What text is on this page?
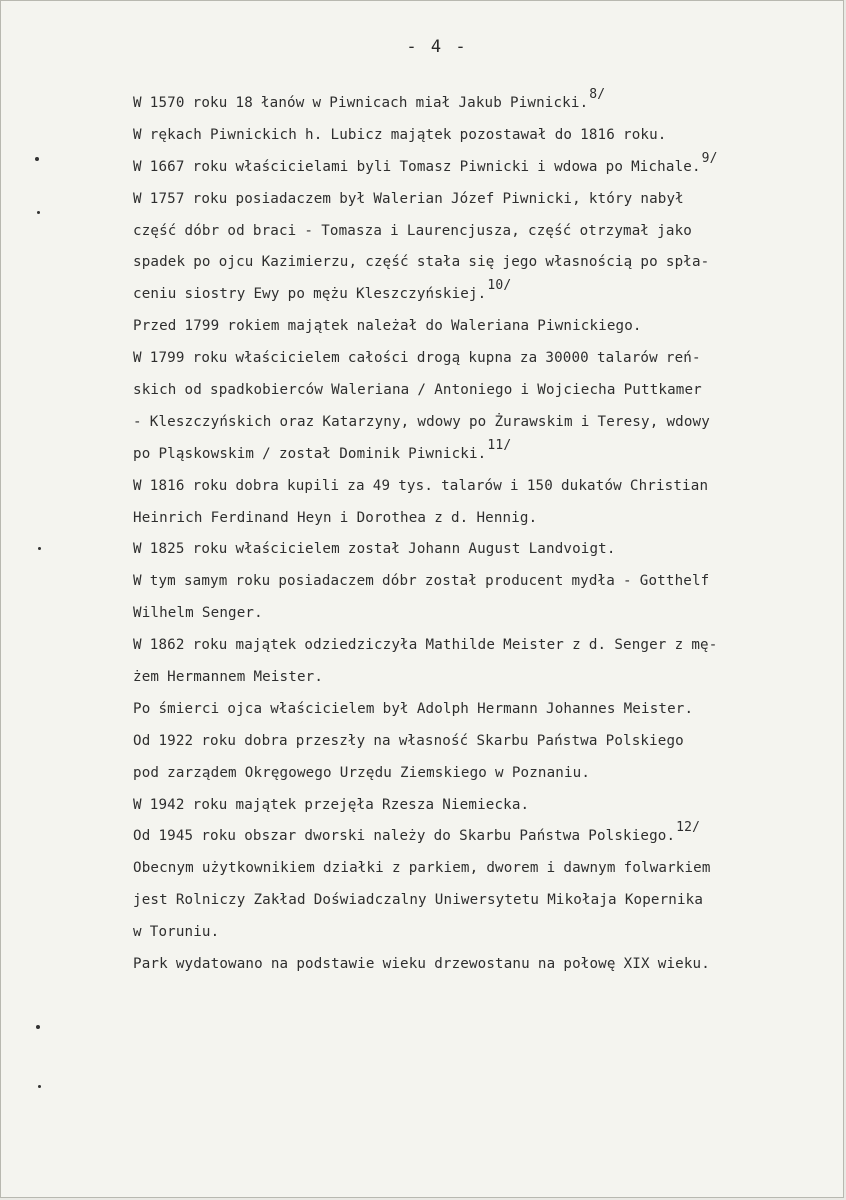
- 4 -
W 1570 roku 18 łanów w Piwnicach miał Jakub Piwnicki.8/
W rękach Piwnickich h. Lubicz majątek pozostawał do 1816 roku.
W 1667 roku właścicielami byli Tomasz Piwnicki i wdowa po Michale.9/
W 1757 roku posiadaczem był Walerian Józef Piwnicki, który nabył
część dóbr od braci - Tomasza i Laurencjusza, część otrzymał jako
spadek po ojcu Kazimierzu, część stała się jego własnością po spła-
ceniu siostry Ewy po mężu Kleszczyńskiej.10/
Przed 1799 rokiem majątek należał do Waleriana Piwnickiego.
W 1799 roku właścicielem całości drogą kupna za 30000 talarów reń-
skich od spadkobierców Waleriana / Antoniego i Wojciecha Puttkamer
- Kleszczyńskich oraz Katarzyny, wdowy po Żurawskim i Teresy, wdowy
po Pląskowskim / został Dominik Piwnicki.11/
W 1816 roku dobra kupili za 49 tys. talarów i 150 dukatów Christian
Heinrich Ferdinand Heyn i Dorothea z d. Hennig.
W 1825 roku właścicielem został Johann August Landvoigt.
W tym samym roku posiadaczem dóbr został producent mydła - Gotthelf
Wilhelm Senger.
W 1862 roku majątek odziedziczyła Mathilde Meister z d. Senger z mę-
żem Hermannem Meister.
Po śmierci ojca właścicielem był Adolph Hermann Johannes Meister.
Od 1922 roku dobra przeszły na własność Skarbu Państwa Polskiego
pod zarządem Okręgowego Urzędu Ziemskiego w Poznaniu.
W 1942 roku majątek przejęła Rzesza Niemiecka.
Od 1945 roku obszar dworski należy do Skarbu Państwa Polskiego.12/
Obecnym użytkownikiem działki z parkiem, dworem i dawnym folwarkiem
jest Rolniczy Zakład Doświadczalny Uniwersytetu Mikołaja Kopernika
w Toruniu.
Park wydatowano na podstawie wieku drzewostanu na połowę XIX wieku.
